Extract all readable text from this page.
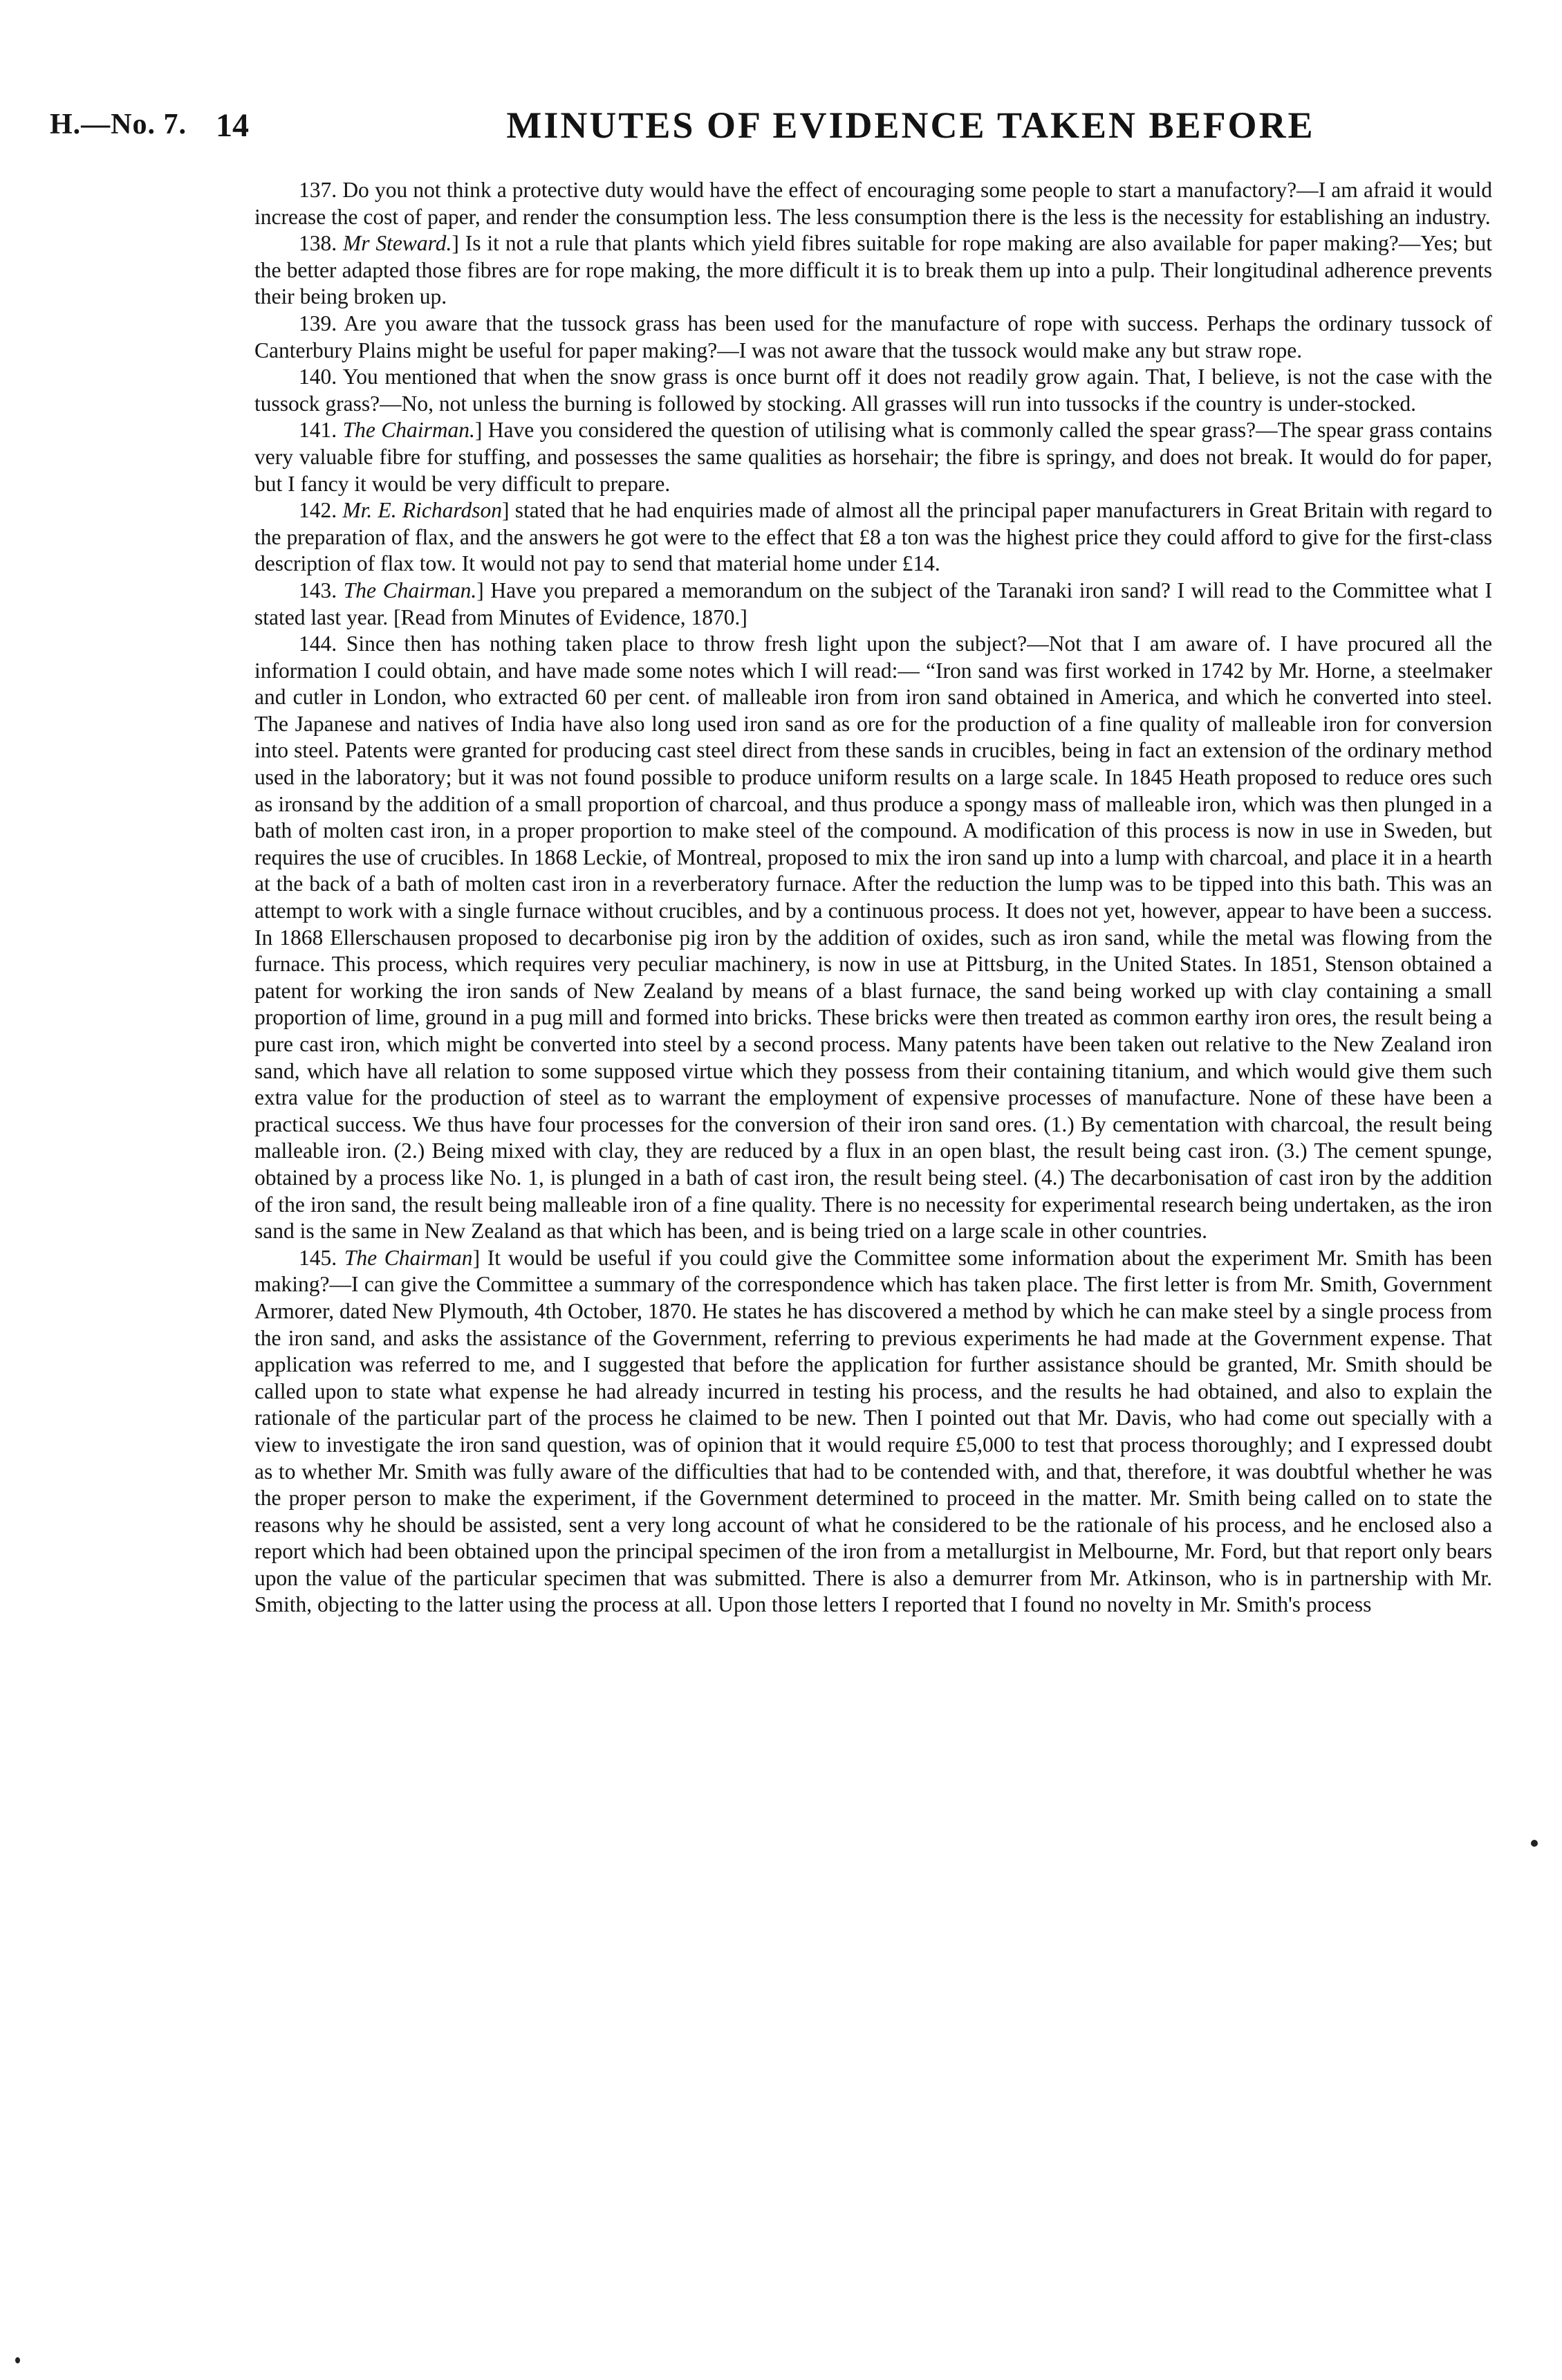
H.—No. 7. 14	MINUTES OF EVIDENCE TAKEN BEFORE

137. Do you not think a protective duty would have the effect of encouraging some people to start a manufactory?—I am afraid it would increase the cost of paper, and render the consumption less. The less consumption there is the less is the necessity for establishing an industry.

138. Mr Steward.] Is it not a rule that plants which yield fibres suitable for rope making are also available for paper making?—Yes; but the better adapted those fibres are for rope making, the more difficult it is to break them up into a pulp. Their longitudinal adherence prevents their being broken up.

139. Are you aware that the tussock grass has been used for the manufacture of rope with success. Perhaps the ordinary tussock of Canterbury Plains might be useful for paper making?—I was not aware that the tussock would make any but straw rope.

140. You mentioned that when the snow grass is once burnt off it does not readily grow again. That, I believe, is not the case with the tussock grass?—No, not unless the burning is followed by stocking. All grasses will run into tussocks if the country is under-stocked.

141. The Chairman.] Have you considered the question of utilising what is commonly called the spear grass?—The spear grass contains very valuable fibre for stuffing, and possesses the same qualities as horsehair; the fibre is springy, and does not break. It would do for paper, but I fancy it would be very difficult to prepare.

142. Mr. E. Richardson] stated that he had enquiries made of almost all the principal paper manufacturers in Great Britain with regard to the preparation of flax, and the answers he got were to the effect that £8 a ton was the highest price they could afford to give for the first-class description of flax tow. It would not pay to send that material home under £14.

143. The Chairman.] Have you prepared a memorandum on the subject of the Taranaki iron sand? I will read to the Committee what I stated last year. [Read from Minutes of Evidence, 1870.]

144. Since then has nothing taken place to throw fresh light upon the subject?—Not that I am aware of. I have procured all the information I could obtain, and have made some notes which I will read:— “Iron sand was first worked in 1742 by Mr. Horne, a steelmaker and cutler in London, who extracted 60 per cent. of malleable iron from iron sand obtained in America, and which he converted into steel. The Japanese and natives of India have also long used iron sand as ore for the production of a fine quality of malleable iron for conversion into steel. Patents were granted for producing cast steel direct from these sands in crucibles, being in fact an extension of the ordinary method used in the laboratory; but it was not found possible to produce uniform results on a large scale. In 1845 Heath proposed to reduce ores such as ironsand by the addition of a small proportion of charcoal, and thus produce a spongy mass of malleable iron, which was then plunged in a bath of molten cast iron, in a proper proportion to make steel of the compound. A modification of this process is now in use in Sweden, but requires the use of crucibles. In 1868 Leckie, of Montreal, proposed to mix the iron sand up into a lump with charcoal, and place it in a hearth at the back of a bath of molten cast iron in a reverberatory furnace. After the reduction the lump was to be tipped into this bath. This was an attempt to work with a single furnace without crucibles, and by a continuous process. It does not yet, however, appear to have been a success. In 1868 Ellerschausen proposed to decarbonise pig iron by the addition of oxides, such as iron sand, while the metal was flowing from the furnace. This process, which requires very peculiar machinery, is now in use at Pittsburg, in the United States. In 1851, Stenson obtained a patent for working the iron sands of New Zealand by means of a blast furnace, the sand being worked up with clay containing a small proportion of lime, ground in a pug mill and formed into bricks. These bricks were then treated as common earthy iron ores, the result being a pure cast iron, which might be converted into steel by a second process. Many patents have been taken out relative to the New Zealand iron sand, which have all relation to some supposed virtue which they possess from their containing titanium, and which would give them such extra value for the production of steel as to warrant the employment of expensive processes of manufacture. None of these have been a practical success. We thus have four processes for the conversion of their iron sand ores. (1.) By cementation with charcoal, the result being malleable iron. (2.) Being mixed with clay, they are reduced by a flux in an open blast, the result being cast iron. (3.) The cement spunge, obtained by a process like No. 1, is plunged in a bath of cast iron, the result being steel. (4.) The decarbonisation of cast iron by the addition of the iron sand, the result being malleable iron of a fine quality. There is no necessity for experimental research being undertaken, as the iron sand is the same in New Zealand as that which has been, and is being tried on a large scale in other countries.

145. The Chairman] It would be useful if you could give the Committee some information about the experiment Mr. Smith has been making?—I can give the Committee a summary of the correspondence which has taken place. The first letter is from Mr. Smith, Government Armorer, dated New Plymouth, 4th October, 1870. He states he has discovered a method by which he can make steel by a single process from the iron sand, and asks the assistance of the Government, referring to previous experiments he had made at the Government expense. That application was referred to me, and I suggested that before the application for further assistance should be granted, Mr. Smith should be called upon to state what expense he had already incurred in testing his process, and the results he had obtained, and also to explain the rationale of the particular part of the process he claimed to be new. Then I pointed out that Mr. Davis, who had come out specially with a view to investigate the iron sand question, was of opinion that it would require £5,000 to test that process thoroughly; and I expressed doubt as to whether Mr. Smith was fully aware of the difficulties that had to be contended with, and that, therefore, it was doubtful whether he was the proper person to make the experiment, if the Government determined to proceed in the matter. Mr. Smith being called on to state the reasons why he should be assisted, sent a very long account of what he considered to be the rationale of his process, and he enclosed also a report which had been obtained upon the principal specimen of the iron from a metallurgist in Melbourne, Mr. Ford, but that report only bears upon the value of the particular specimen that was submitted. There is also a demurrer from Mr. Atkinson, who is in partnership with Mr. Smith, objecting to the latter using the process at all. Upon those letters I reported that I found no novelty in Mr. Smith's process
